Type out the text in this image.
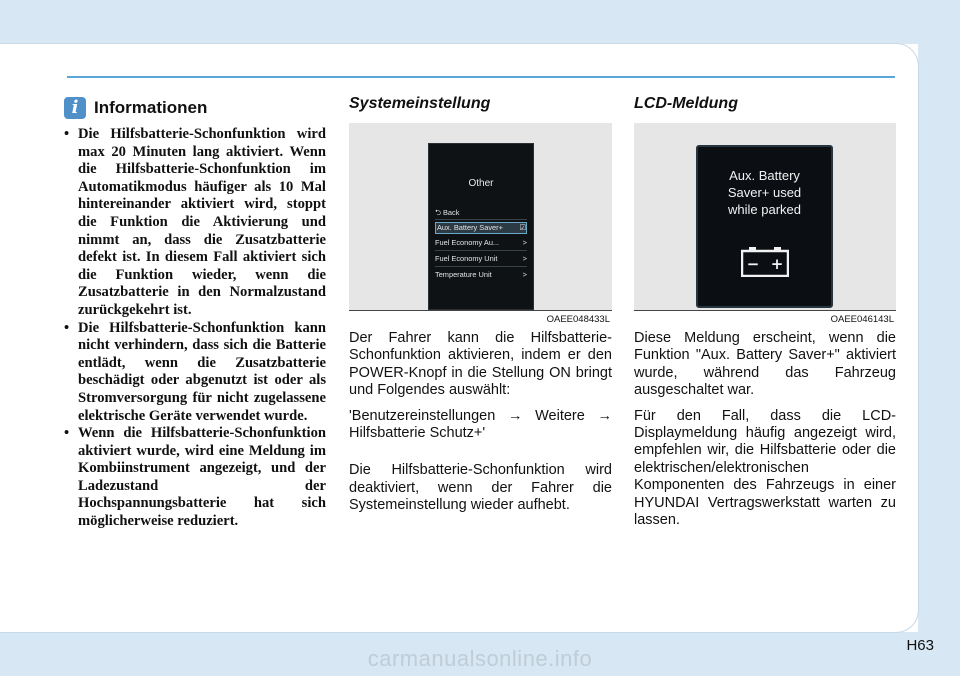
i Informationen
• Die Hilfsbatterie-Schonfunktion wird max 20 Minuten lang aktiviert. Wenn die Hilfsbatterie-Schonfunktion im Automatikmodus häufiger als 10 Mal hintereinander aktiviert wird, stoppt die Funktion die Aktivierung und nimmt an, dass die Zusatzbatterie defekt ist. In diesem Fall aktiviert sich die Funktion wieder, wenn die Zusatzbatterie in den Normalzustand zurückgekehrt ist.
• Die Hilfsbatterie-Schonfunktion kann nicht verhindern, dass sich die Batterie entlädt, wenn die Zusatzbatterie beschädigt oder abgenutzt ist oder als Stromversorgung für nicht zugelassene elektrische Geräte verwendet wurde.
• Wenn die Hilfsbatterie-Schonfunktion aktiviert wurde, wird eine Meldung im Kombiinstrument angezeigt, und der Ladezustand der Hochspannungsbatterie hat sich möglicherweise reduziert.
Systemeinstellung
Other
⮌ Back
Aux. Battery Saver+ ☑
Fuel Economy Au...	>
Fuel Economy Unit	>
Temperature Unit	>
OAEE048433L

Der Fahrer kann die Hilfsbatterie-Schonfunktion aktivieren, indem er den POWER-Knopf in die Stellung ON bringt und Folgendes auswählt:

'Benutzereinstellungen → Weitere → Hilfsbatterie Schutz+'

Die Hilfsbatterie-Schonfunktion wird deaktiviert, wenn der Fahrer die Systemeinstellung wieder aufhebt.

LCD-Meldung
Aux. Battery
Saver+ used
while parked
− +
OAEE046143L

Diese Meldung erscheint, wenn die Funktion "Aux. Battery Saver+" aktiviert wurde, während das Fahrzeug ausgeschaltet war.

Für den Fall, dass die LCD-Displaymeldung häufig angezeigt wird, empfehlen wir, die Hilfsbatterie oder die elektrischen/elektronischen Komponenten des Fahrzeugs in einer HYUNDAI Vertragswerkstatt warten zu lassen.

H63
carmanualsonline.info
